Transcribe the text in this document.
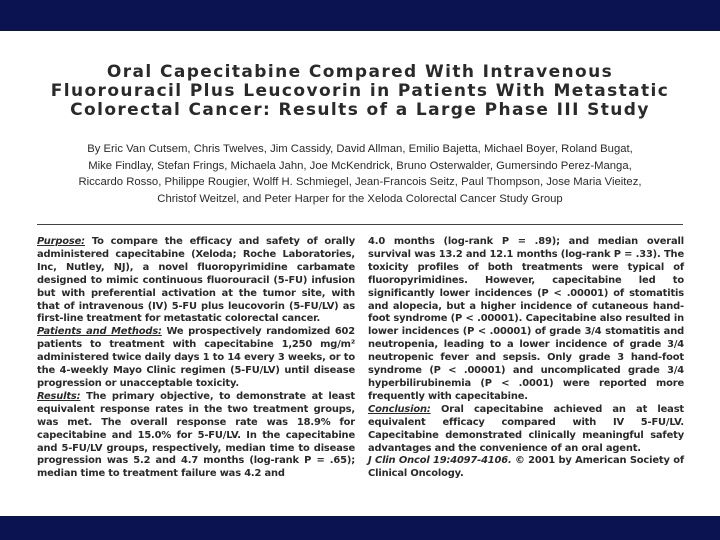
Oral Capecitabine Compared With Intravenous
Fluorouracil Plus Leucovorin in Patients With Metastatic
Colorectal Cancer: Results of a Large Phase III Study
By Eric Van Cutsem, Chris Twelves, Jim Cassidy, David Allman, Emilio Bajetta, Michael Boyer, Roland Bugat,
Mike Findlay, Stefan Frings, Michaela Jahn, Joe McKendrick, Bruno Osterwalder, Gumersindo Perez-Manga,
Riccardo Rosso, Philippe Rougier, Wolff H. Schmiegel, Jean-Francois Seitz, Paul Thompson, Jose Maria Vieitez,
Christof Weitzel, and Peter Harper for the Xeloda Colorectal Cancer Study Group
Purpose: To compare the efficacy and safety of orally administered capecitabine (Xeloda; Roche Laboratories, Inc, Nutley, NJ), a novel fluoropyrimidine carbamate designed to mimic continuous fluorouracil (5-FU) infusion but with preferential activation at the tumor site, with that of intravenous (IV) 5-FU plus leucovorin (5-FU/LV) as first-line treatment for metastatic colorectal cancer.
Patients and Methods: We prospectively randomized 602 patients to treatment with capecitabine 1,250 mg/m² administered twice daily days 1 to 14 every 3 weeks, or to the 4-weekly Mayo Clinic regimen (5-FU/LV) until disease progression or unacceptable toxicity.
Results: The primary objective, to demonstrate at least equivalent response rates in the two treatment groups, was met. The overall response rate was 18.9% for capecitabine and 15.0% for 5-FU/LV. In the capecitabine and 5-FU/LV groups, respectively, median time to disease progression was 5.2 and 4.7 months (log-rank P = .65); median time to treatment failure was 4.2 and
4.0 months (log-rank P = .89); and median overall survival was 13.2 and 12.1 months (log-rank P = .33). The toxicity profiles of both treatments were typical of fluoropyrimidines. However, capecitabine led to significantly lower incidences (P < .00001) of stomatitis and alopecia, but a higher incidence of cutaneous hand-foot syndrome (P < .00001). Capecitabine also resulted in lower incidences (P < .00001) of grade 3/4 stomatitis and neutropenia, leading to a lower incidence of grade 3/4 neutropenic fever and sepsis. Only grade 3 hand-foot syndrome (P < .00001) and uncomplicated grade 3/4 hyperbilirubinemia (P < .0001) were reported more frequently with capecitabine.
Conclusion: Oral capecitabine achieved an at least equivalent efficacy compared with IV 5-FU/LV. Capecitabine demonstrated clinically meaningful safety advantages and the convenience of an oral agent.
J Clin Oncol 19:4097-4106. © 2001 by American Society of Clinical Oncology.
